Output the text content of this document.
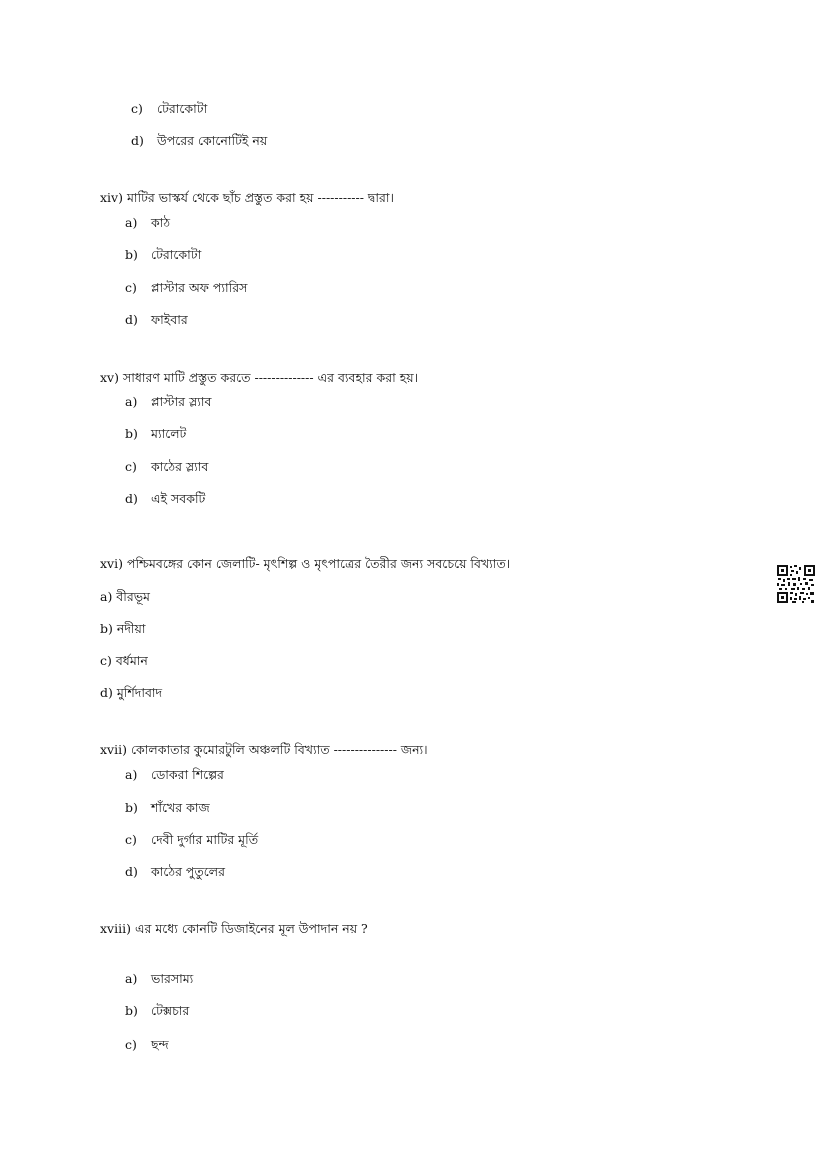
c) টেরাকোটা
d) উপরের কোনোটিই নয়
xiv) মাটির ভাস্কর্য থেকে ছাঁচ প্রস্তুত করা হয় ----------- দ্বারা।
a) কাঠ
b) টেরাকোটা
c) প্লাস্টার অফ প্যারিস
d) ফাইবার
xv) সাধারণ মাটি প্রস্তুত করতে -------------- এর ব্যবহার করা হয়।
a) প্লাস্টার স্ল্যাব
b) ম্যালেট
c) কাঠের স্ল্যাব
d) এই সবকটি
xvi) পশ্চিমবঙ্গের কোন জেলাটি- মৃৎশিল্প ও মৃৎপাত্রের তৈরীর জন্য সবচেয়ে বিখ্যাত।
a) বীরভূম
b) নদীয়া
c) বর্ধমান
d) মুর্শিদাবাদ
xvii) কোলকাতার কুমোরটুলি অঞ্চলটি বিখ্যাত --------------- জন্য।
a) ডোকরা শিল্পের
b) শাঁখের কাজ
c) দেবী দুর্গার মাটির মূর্তি
d) কাঠের পুতুলের
xviii) এর মধ্যে কোনটি ডিজাইনের মূল উপাদান নয় ?
a) ভারসাম্য
b) টেক্সচার
c) ছন্দ
